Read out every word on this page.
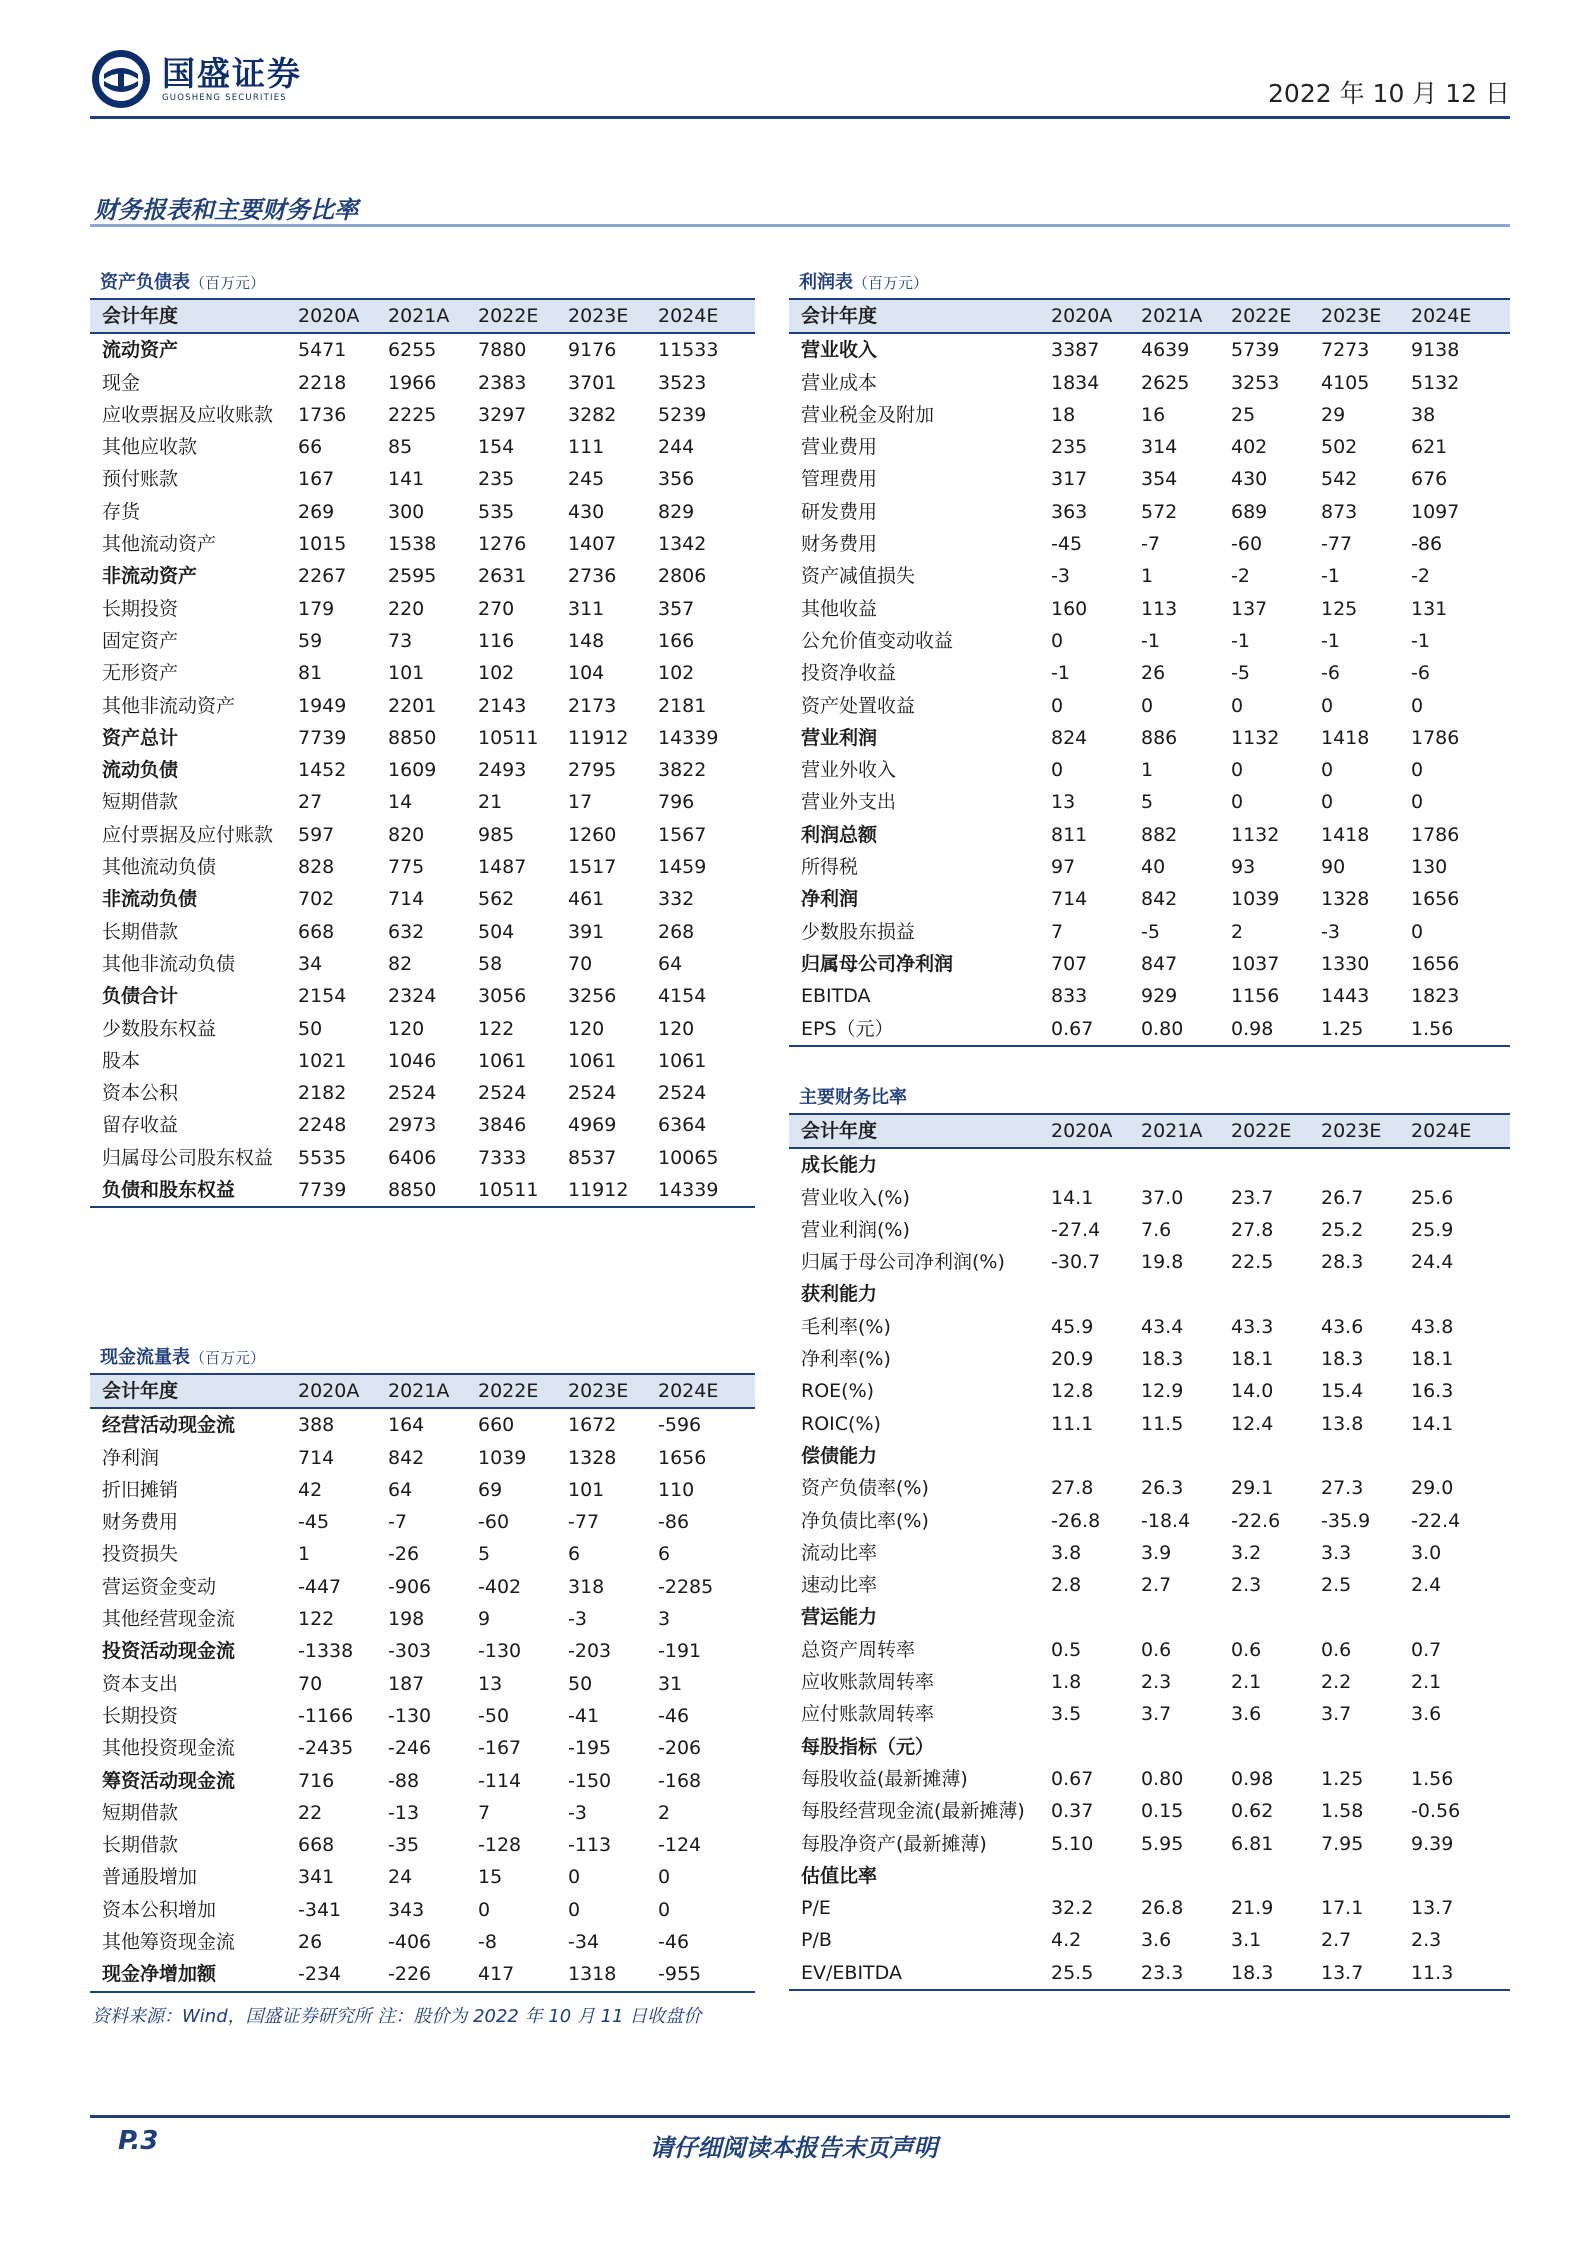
国盛证券
GUOSHENG SECURITIES	2022 年 10 月 12 日
财务报表和主要财务比率
资产负债表（百万元）
会计年度	2020A	2021A	2022E	2023E	2024E
流动资产	5471	6255	7880	9176	11533
现金	2218	1966	2383	3701	3523
应收票据及应收账款	1736	2225	3297	3282	5239
其他应收款	66	85	154	111	244
预付账款	167	141	235	245	356
存货	269	300	535	430	829
其他流动资产	1015	1538	1276	1407	1342
非流动资产	2267	2595	2631	2736	2806
长期投资	179	220	270	311	357
固定资产	59	73	116	148	166
无形资产	81	101	102	104	102
其他非流动资产	1949	2201	2143	2173	2181
资产总计	7739	8850	10511	11912	14339
流动负债	1452	1609	2493	2795	3822
短期借款	27	14	21	17	796
应付票据及应付账款	597	820	985	1260	1567
其他流动负债	828	775	1487	1517	1459
非流动负债	702	714	562	461	332
长期借款	668	632	504	391	268
其他非流动负债	34	82	58	70	64
负债合计	2154	2324	3056	3256	4154
少数股东权益	50	120	122	120	120
股本	1021	1046	1061	1061	1061
资本公积	2182	2524	2524	2524	2524
留存收益	2248	2973	3846	4969	6364
归属母公司股东权益	5535	6406	7333	8537	10065
负债和股东权益	7739	8850	10511	11912	14339
利润表（百万元）
会计年度	2020A	2021A	2022E	2023E	2024E
营业收入	3387	4639	5739	7273	9138
营业成本	1834	2625	3253	4105	5132
营业税金及附加	18	16	25	29	38
营业费用	235	314	402	502	621
管理费用	317	354	430	542	676
研发费用	363	572	689	873	1097
财务费用	-45	-7	-60	-77	-86
资产减值损失	-3	1	-2	-1	-2
其他收益	160	113	137	125	131
公允价值变动收益	0	-1	-1	-1	-1
投资净收益	-1	26	-5	-6	-6
资产处置收益	0	0	0	0	0
营业利润	824	886	1132	1418	1786
营业外收入	0	1	0	0	0
营业外支出	13	5	0	0	0
利润总额	811	882	1132	1418	1786
所得税	97	40	93	90	130
净利润	714	842	1039	1328	1656
少数股东损益	7	-5	2	-3	0
归属母公司净利润	707	847	1037	1330	1656
EBITDA	833	929	1156	1443	1823
EPS（元）	0.67	0.80	0.98	1.25	1.56
主要财务比率
会计年度	2020A	2021A	2022E	2023E	2024E
成长能力					
营业收入(%)	14.1	37.0	23.7	26.7	25.6
营业利润(%)	-27.4	7.6	27.8	25.2	25.9
归属于母公司净利润(%)	-30.7	19.8	22.5	28.3	24.4
获利能力					
毛利率(%)	45.9	43.4	43.3	43.6	43.8
净利率(%)	20.9	18.3	18.1	18.3	18.1
ROE(%)	12.8	12.9	14.0	15.4	16.3
ROIC(%)	11.1	11.5	12.4	13.8	14.1
偿债能力					
资产负债率(%)	27.8	26.3	29.1	27.3	29.0
净负债比率(%)	-26.8	-18.4	-22.6	-35.9	-22.4
流动比率	3.8	3.9	3.2	3.3	3.0
速动比率	2.8	2.7	2.3	2.5	2.4
营运能力					
总资产周转率	0.5	0.6	0.6	0.6	0.7
应收账款周转率	1.8	2.3	2.1	2.2	2.1
应付账款周转率	3.5	3.7	3.6	3.7	3.6
每股指标（元）					
每股收益(最新摊薄)	0.67	0.80	0.98	1.25	1.56
每股经营现金流(最新摊薄)	0.37	0.15	0.62	1.58	-0.56
每股净资产(最新摊薄)	5.10	5.95	6.81	7.95	9.39
估值比率					
P/E	32.2	26.8	21.9	17.1	13.7
P/B	4.2	3.6	3.1	2.7	2.3
EV/EBITDA	25.5	23.3	18.3	13.7	11.3
现金流量表（百万元）
会计年度	2020A	2021A	2022E	2023E	2024E
经营活动现金流	388	164	660	1672	-596
净利润	714	842	1039	1328	1656
折旧摊销	42	64	69	101	110
财务费用	-45	-7	-60	-77	-86
投资损失	1	-26	5	6	6
营运资金变动	-447	-906	-402	318	-2285
其他经营现金流	122	198	9	-3	3
投资活动现金流	-1338	-303	-130	-203	-191
资本支出	70	187	13	50	31
长期投资	-1166	-130	-50	-41	-46
其他投资现金流	-2435	-246	-167	-195	-206
筹资活动现金流	716	-88	-114	-150	-168
短期借款	22	-13	7	-3	2
长期借款	668	-35	-128	-113	-124
普通股增加	341	24	15	0	0
资本公积增加	-341	343	0	0	0
其他筹资现金流	26	-406	-8	-34	-46
现金净增加额	-234	-226	417	1318	-955
资料来源：Wind，国盛证券研究所 注：股价为 2022 年 10 月 11 日收盘价
请仔细阅读本报告末页声明
P.3
